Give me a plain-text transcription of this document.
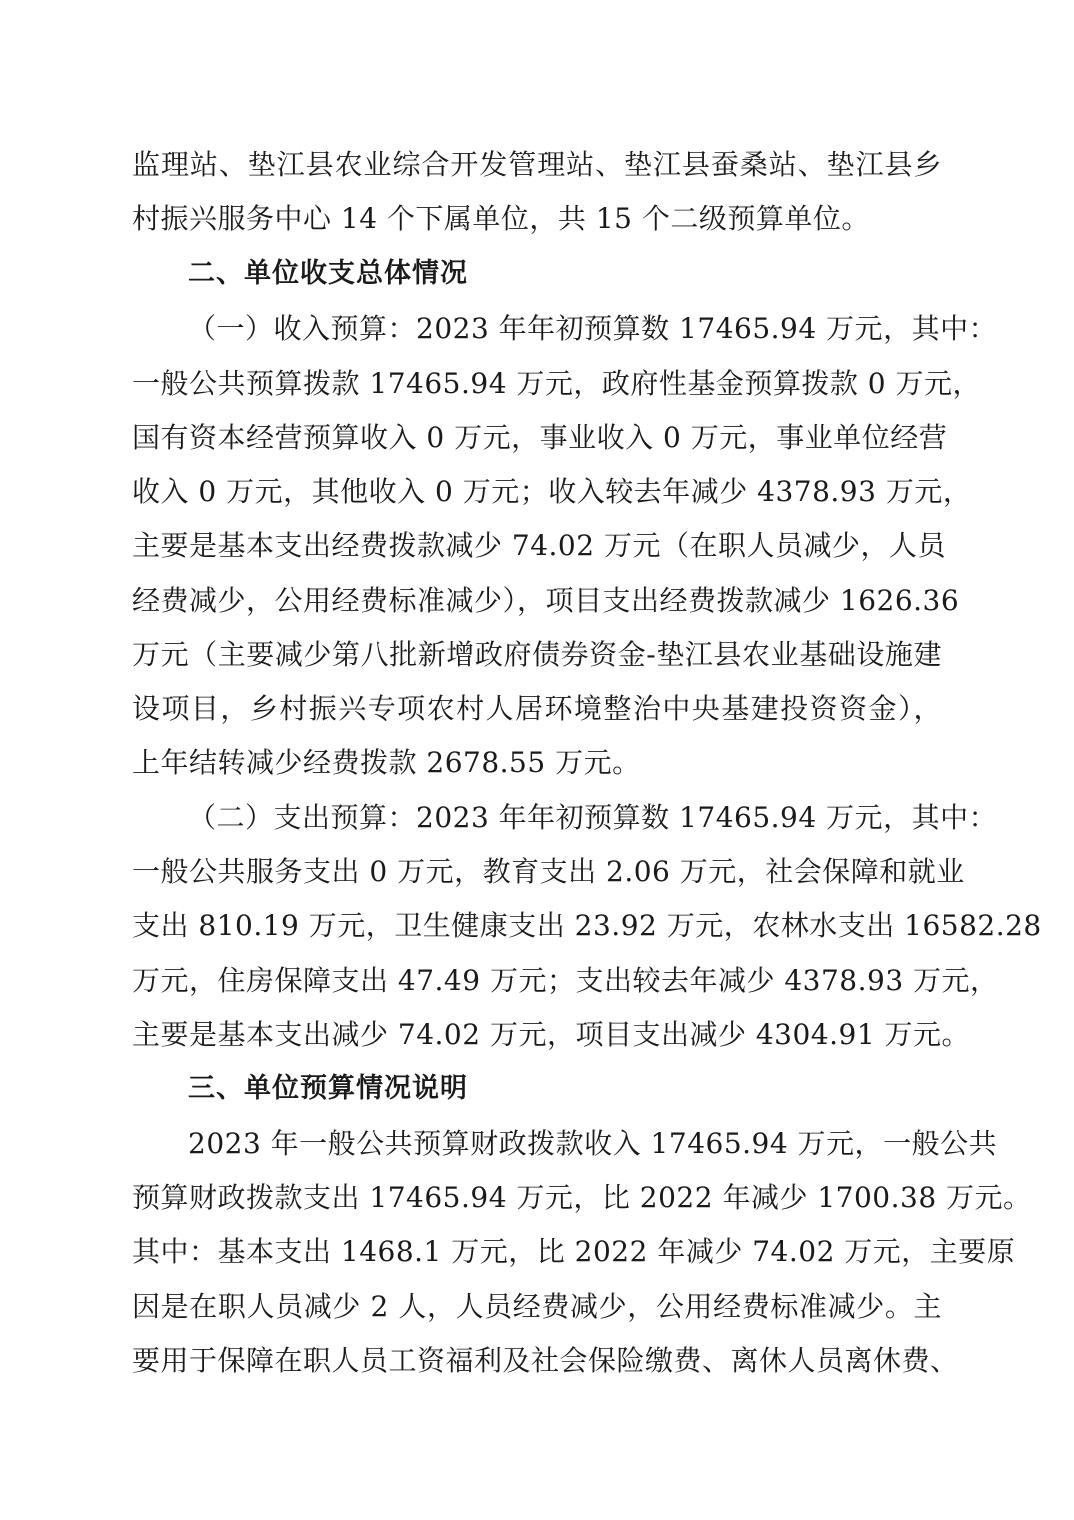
监理站、垫江县农业综合开发管理站、垫江县蚕桑站、垫江县乡
村振兴服务中心 14 个下属单位，共 15 个二级预算单位。
二、单位收支总体情况
（一）收入预算：2023 年年初预算数 17465.94 万元，其中：
一般公共预算拨款 17465.94 万元，政府性基金预算拨款 0 万元，
国有资本经营预算收入 0 万元，事业收入 0 万元，事业单位经营
收入 0 万元，其他收入 0 万元；收入较去年减少 4378.93 万元，
主要是基本支出经费拨款减少 74.02 万元（在职人员减少，人员
经费减少，公用经费标准减少），项目支出经费拨款减少 1626.36
万元（主要减少第八批新增政府债券资金-垫江县农业基础设施建
设项目，乡村振兴专项农村人居环境整治中央基建投资资金），
上年结转减少经费拨款 2678.55 万元。
（二）支出预算：2023 年年初预算数 17465.94 万元，其中：
一般公共服务支出 0 万元，教育支出 2.06 万元，社会保障和就业
支出 810.19 万元，卫生健康支出 23.92 万元，农林水支出 16582.28
万元，住房保障支出 47.49 万元；支出较去年减少 4378.93 万元，
主要是基本支出减少 74.02 万元，项目支出减少 4304.91 万元。
三、单位预算情况说明
2023 年一般公共预算财政拨款收入 17465.94 万元，一般公共
预算财政拨款支出 17465.94 万元，比 2022 年减少 1700.38 万元。
其中：基本支出 1468.1 万元，比 2022 年减少 74.02 万元，主要原
因是在职人员减少 2 人，人员经费减少，公用经费标准减少。主
要用于保障在职人员工资福利及社会保险缴费、离休人员离休费、
